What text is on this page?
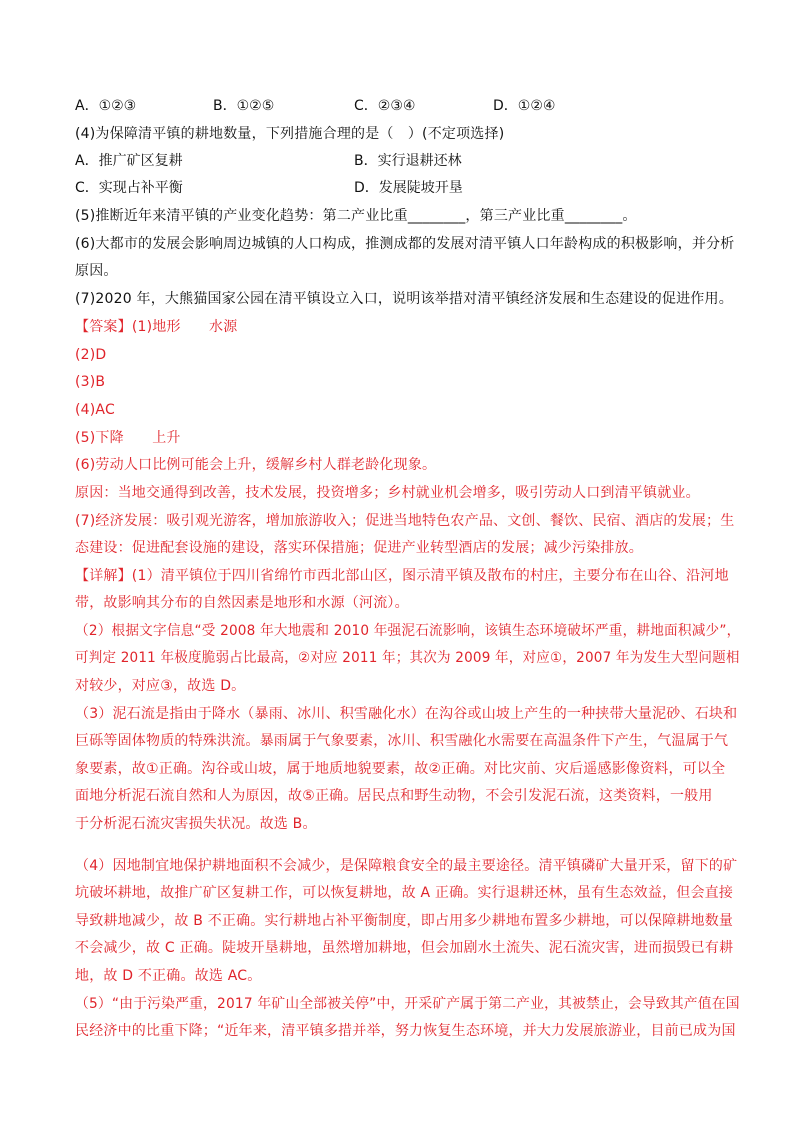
A．①②③	B．①②⑤	C．②③④	D．①②④
(4)为保障清平镇的耕地数量，下列措施合理的是（　）(不定项选择)
A．推广矿区复耕	B．实行退耕还林
C．实现占补平衡	D．发展陡坡开垦
(5)推断近年来清平镇的产业变化趋势：第二产业比重________，第三产业比重________。
(6)大都市的发展会影响周边城镇的人口构成，推测成都的发展对清平镇人口年龄构成的积极影响，并分析
原因。
(7)2020 年，大熊猫国家公园在清平镇设立入口，说明该举措对清平镇经济发展和生态建设的促进作用。
【答案】(1)地形　　水源
(2)D
(3)B
(4)AC
(5)下降　　上升
(6)劳动人口比例可能会上升，缓解乡村人群老龄化现象。
原因：当地交通得到改善，技术发展，投资增多；乡村就业机会增多，吸引劳动人口到清平镇就业。
(7)经济发展：吸引观光游客，增加旅游收入；促进当地特色农产品、文创、餐饮、民宿、酒店的发展；生
态建设：促进配套设施的建设，落实环保措施；促进产业转型酒店的发展；减少污染排放。
【详解】(1）清平镇位于四川省绵竹市西北部山区，图示清平镇及散布的村庄，主要分布在山谷、沿河地
带，故影响其分布的自然因素是地形和水源（河流）。
（2）根据文字信息“受 2008 年大地震和 2010 年强泥石流影响，该镇生态环境破坏严重，耕地面积减少”，
可判定 2011 年极度脆弱占比最高，②对应 2011 年；其次为 2009 年，对应①，2007 年为发生大型问题相
对较少，对应③，故选 D。
（3）泥石流是指由于降水（暴雨、冰川、积雪融化水）在沟谷或山坡上产生的一种挟带大量泥砂、石块和
巨砾等固体物质的特殊洪流。暴雨属于气象要素，冰川、积雪融化水需要在高温条件下产生，气温属于气
象要素，故①正确。沟谷或山坡，属于地质地貌要素，故②正确。对比灾前、灾后遥感影像资料，可以全
面地分析泥石流自然和人为原因，故⑤正确。居民点和野生动物，不会引发泥石流，这类资料，一般用
于分析泥石流灾害损失状况。故选 B。
（4）因地制宜地保护耕地面积不会减少，是保障粮食安全的最主要途径。清平镇磷矿大量开采，留下的矿
坑破坏耕地，故推广矿区复耕工作，可以恢复耕地，故 A 正确。实行退耕还林，虽有生态效益，但会直接
导致耕地减少，故 B 不正确。实行耕地占补平衡制度，即占用多少耕地布置多少耕地，可以保障耕地数量
不会减少，故 C 正确。陡坡开垦耕地，虽然增加耕地，但会加剧水土流失、泥石流灾害，进而损毁已有耕
地，故 D 不正确。故选 AC。
（5）“由于污染严重，2017 年矿山全部被关停”中，开采矿产属于第二产业，其被禁止，会导致其产值在国
民经济中的比重下降；“近年来，清平镇多措并举，努力恢复生态环境，并大力发展旅游业，目前已成为国
